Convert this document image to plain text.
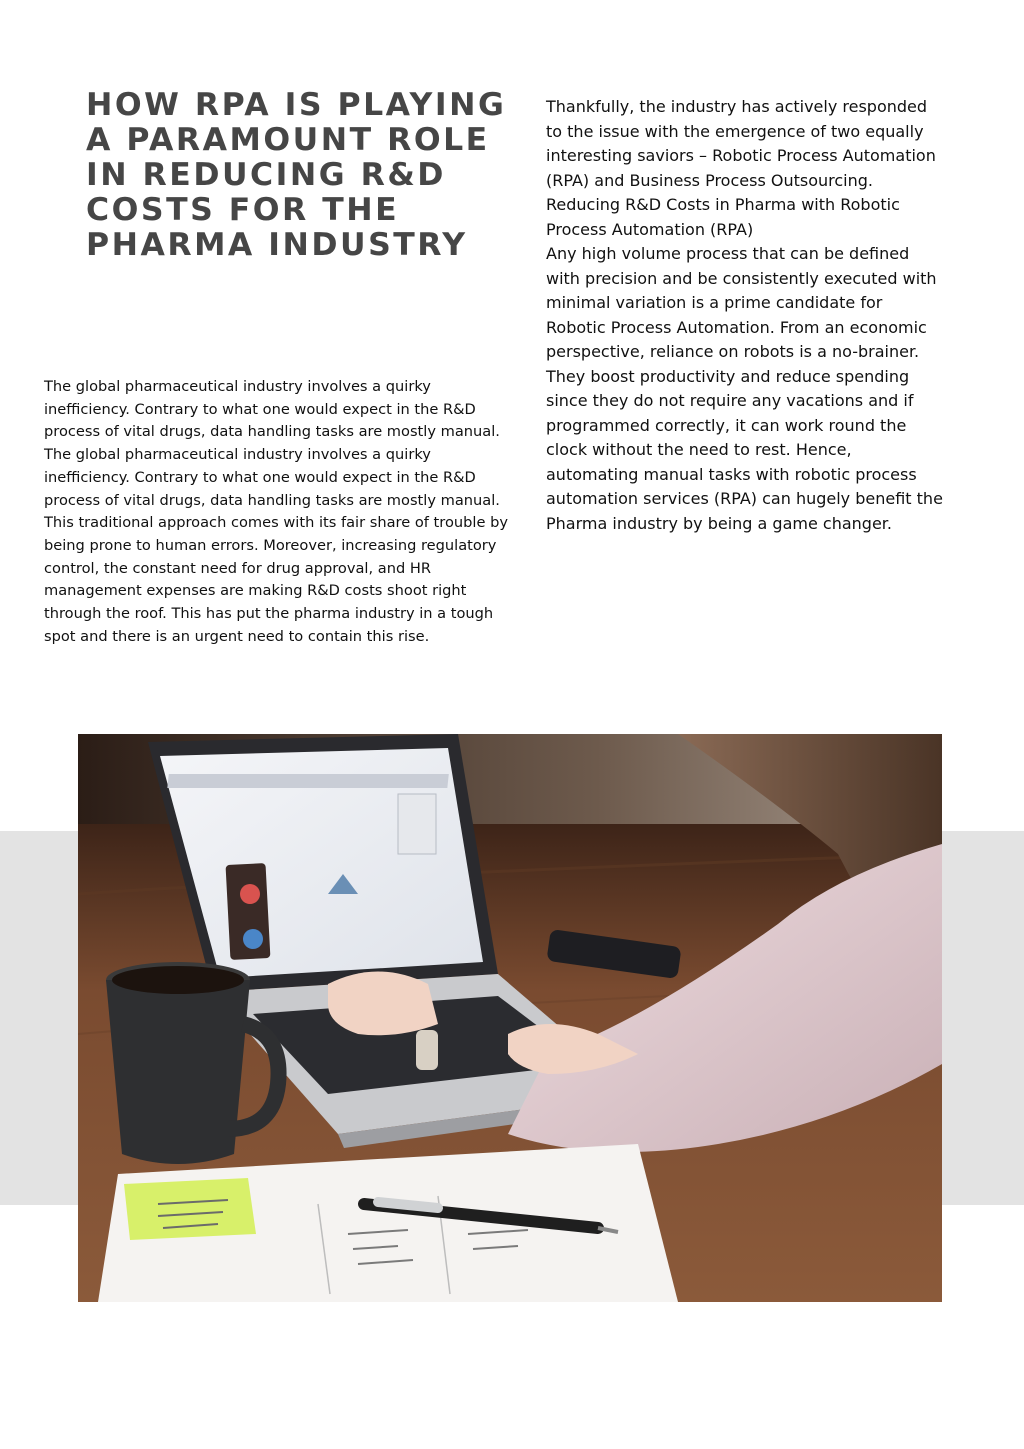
HOW RPA IS PLAYING A PARAMOUNT ROLE IN REDUCING R&D COSTS FOR THE PHARMA INDUSTRY

The global pharmaceutical industry involves a quirky inefficiency. Contrary to what one would expect in the R&D process of vital drugs, data handling tasks are mostly manual. The global pharmaceutical industry involves a quirky inefficiency. Contrary to what one would expect in the R&D process of vital drugs, data handling tasks are mostly manual. This traditional approach comes with its fair share of trouble by being prone to human errors. Moreover, increasing regulatory control, the constant need for drug approval, and HR management expenses are making R&D costs shoot right through the roof. This has put the pharma industry in a tough spot and there is an urgent need to contain this rise.

Thankfully, the industry has actively responded to the issue with the emergence of two equally interesting saviors – Robotic Process Automation (RPA) and Business Process Outsourcing.

Reducing R&D Costs in Pharma with Robotic Process Automation (RPA)

Any high volume process that can be defined with precision and be consistently executed with minimal variation is a prime candidate for Robotic Process Automation. From an economic perspective, reliance on robots is a no-brainer. They boost productivity and reduce spending since they do not require any vacations and if programmed correctly, it can work round the clock without the need to rest. Hence, automating manual tasks with robotic process automation services (RPA) can hugely benefit the Pharma industry by being a game changer.
